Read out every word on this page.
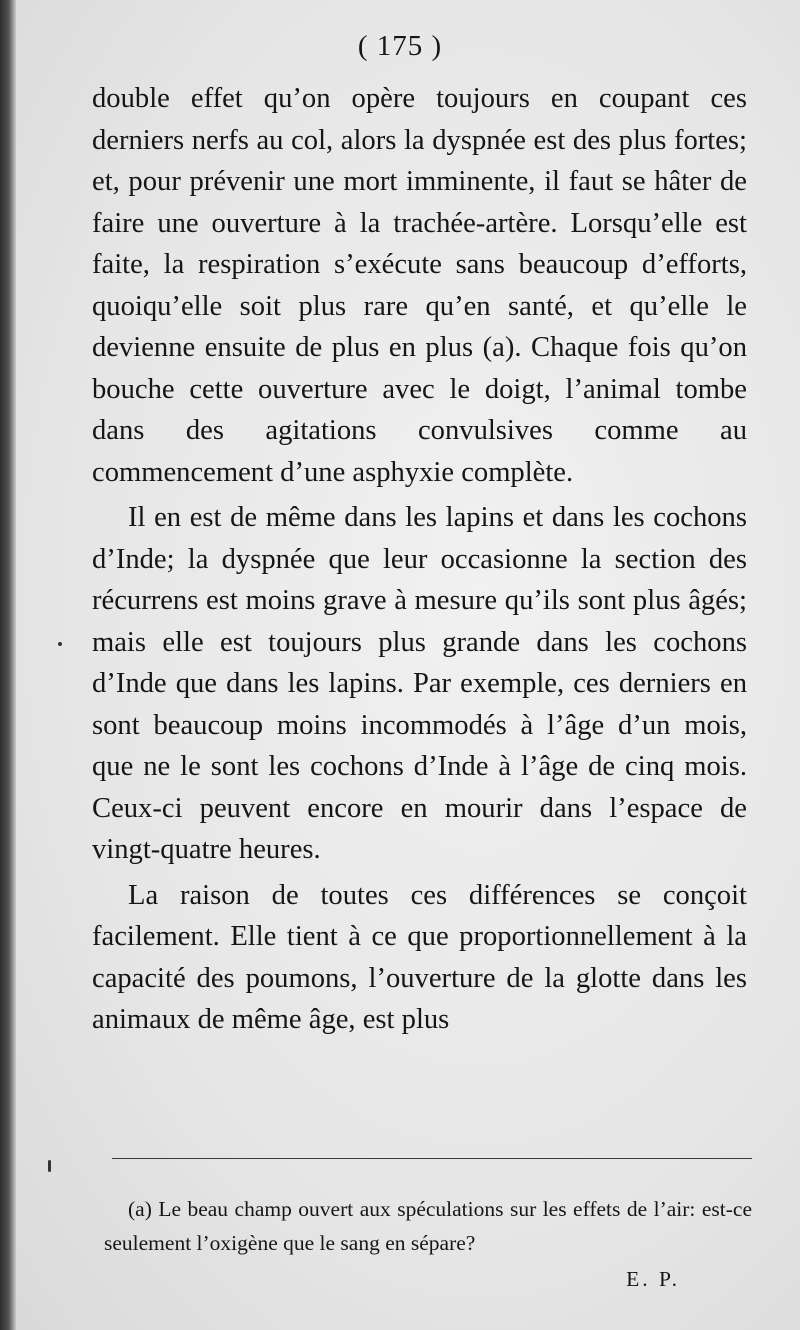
( 175 )

double effet qu’on opère toujours en coupant ces derniers nerfs au col, alors la dyspnée est des plus fortes; et, pour prévenir une mort imminente, il faut se hâter de faire une ouverture à la trachée-artère. Lorsqu’elle est faite, la respiration s’exécute sans beaucoup d’efforts, quoiqu’elle soit plus rare qu’en santé, et qu’elle le devienne ensuite de plus en plus (a). Chaque fois qu’on bouche cette ouverture avec le doigt, l’animal tombe dans des agitations convulsives comme au commencement d’une asphyxie complète.

Il en est de même dans les lapins et dans les cochons d’Inde; la dyspnée que leur occasionne la section des récurrens est moins grave à mesure qu’ils sont plus âgés; mais elle est toujours plus grande dans les cochons d’Inde que dans les lapins. Par exemple, ces derniers en sont beaucoup moins incommodés à l’âge d’un mois, que ne le sont les cochons d’Inde à l’âge de cinq mois. Ceux-ci peuvent encore en mourir dans l’espace de vingt-quatre heures.

La raison de toutes ces différences se conçoit facilement. Elle tient à ce que proportionnellement à la capacité des poumons, l’ouverture de la glotte dans les animaux de même âge, est plus

(a) Le beau champ ouvert aux spéculations sur les effets de l’air: est-ce seulement l’oxigène que le sang en sépare?

E. P.
